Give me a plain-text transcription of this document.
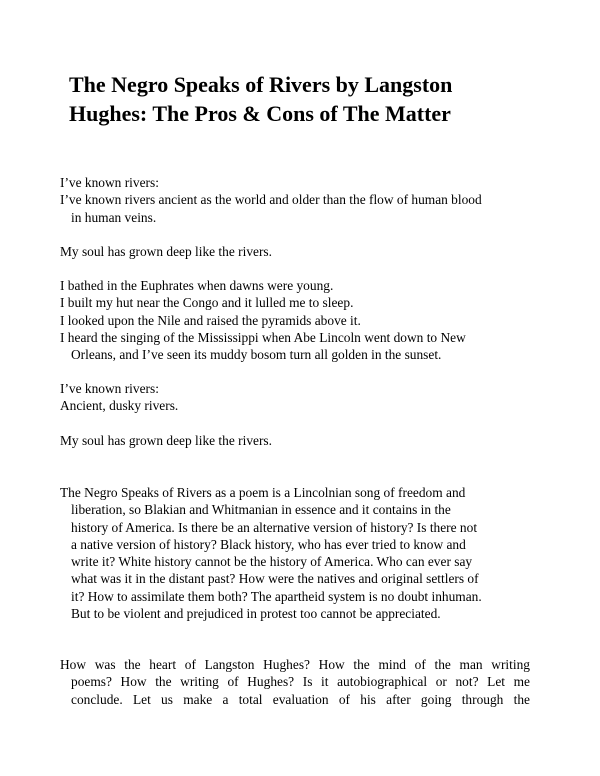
The Negro Speaks of Rivers by Langston
Hughes: The Pros & Cons of The Matter
I’ve known rivers:
I’ve known rivers ancient as the world and older than the flow of human blood
in human veins.
My soul has grown deep like the rivers.
I bathed in the Euphrates when dawns were young.
I built my hut near the Congo and it lulled me to sleep.
I looked upon the Nile and raised the pyramids above it.
I heard the singing of the Mississippi when Abe Lincoln went down to New
Orleans, and I’ve seen its muddy bosom turn all golden in the sunset.
I’ve known rivers:
Ancient, dusky rivers.
My soul has grown deep like the rivers.
The Negro Speaks of Rivers as a poem is a Lincolnian song of freedom and
liberation, so Blakian and Whitmanian in essence and it contains in the
history of America. Is there be an alternative version of history? Is there not
a native version of history? Black history, who has ever tried to know and
write it? White history cannot be the history of America. Who can ever say
what was it in the distant past? How were the natives and original settlers of
it? How to assimilate them both? The apartheid system is no doubt inhuman.
But to be violent and prejudiced in protest too cannot be appreciated.
How was the heart of Langston Hughes? How the mind of the man writing
poems? How the writing of Hughes? Is it autobiographical or not? Let me
conclude. Let us make a total evaluation of his after going through the
